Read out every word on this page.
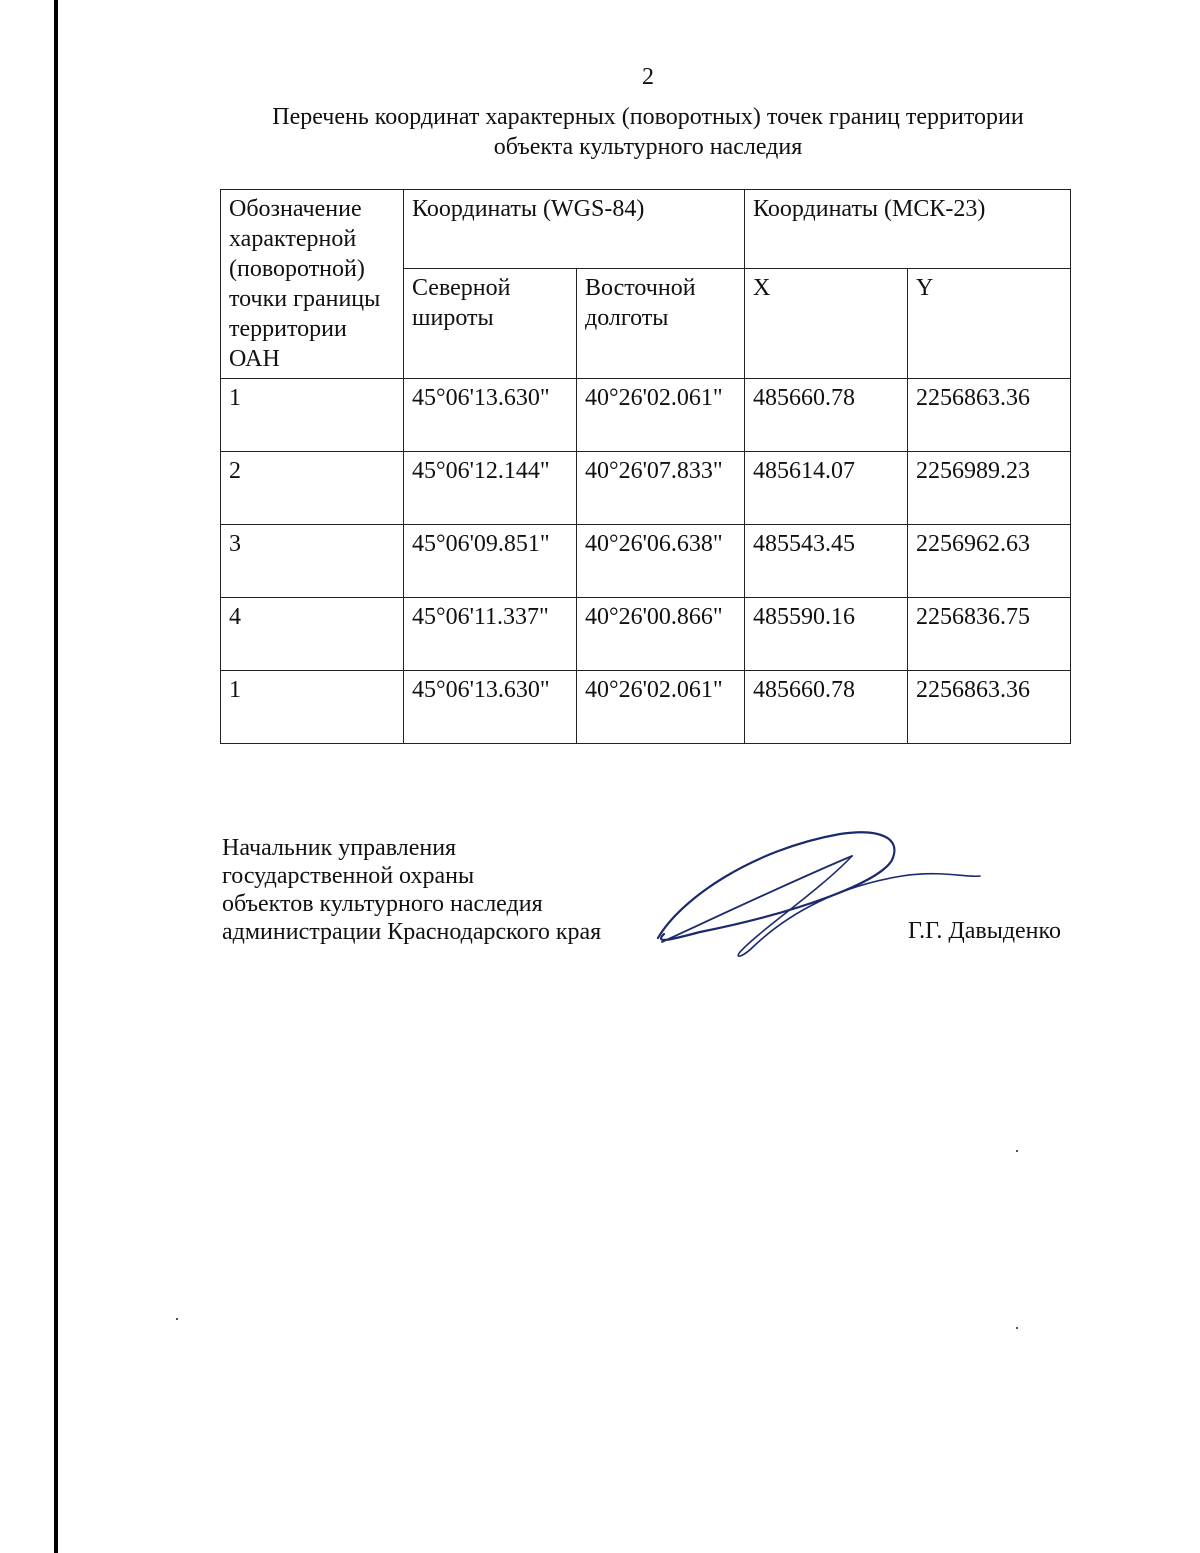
2
Перечень координат характерных (поворотных) точек границ территории
объекта культурного наследия
Обозначение характерной (поворотной) точки границы территории ОАН	Координаты (WGS-84)		Координаты (МСК-23)	
	Северной широты	Восточной долготы	X	Y
1	45°06'13.630"	40°26'02.061"	485660.78	2256863.36
2	45°06'12.144"	40°26'07.833"	485614.07	2256989.23
3	45°06'09.851"	40°26'06.638"	485543.45	2256962.63
4	45°06'11.337"	40°26'00.866"	485590.16	2256836.75
1	45°06'13.630"	40°26'02.061"	485660.78	2256863.36
Начальник управления
государственной охраны
объектов культурного наследия
администрации Краснодарского края	Г.Г. Давыденко
